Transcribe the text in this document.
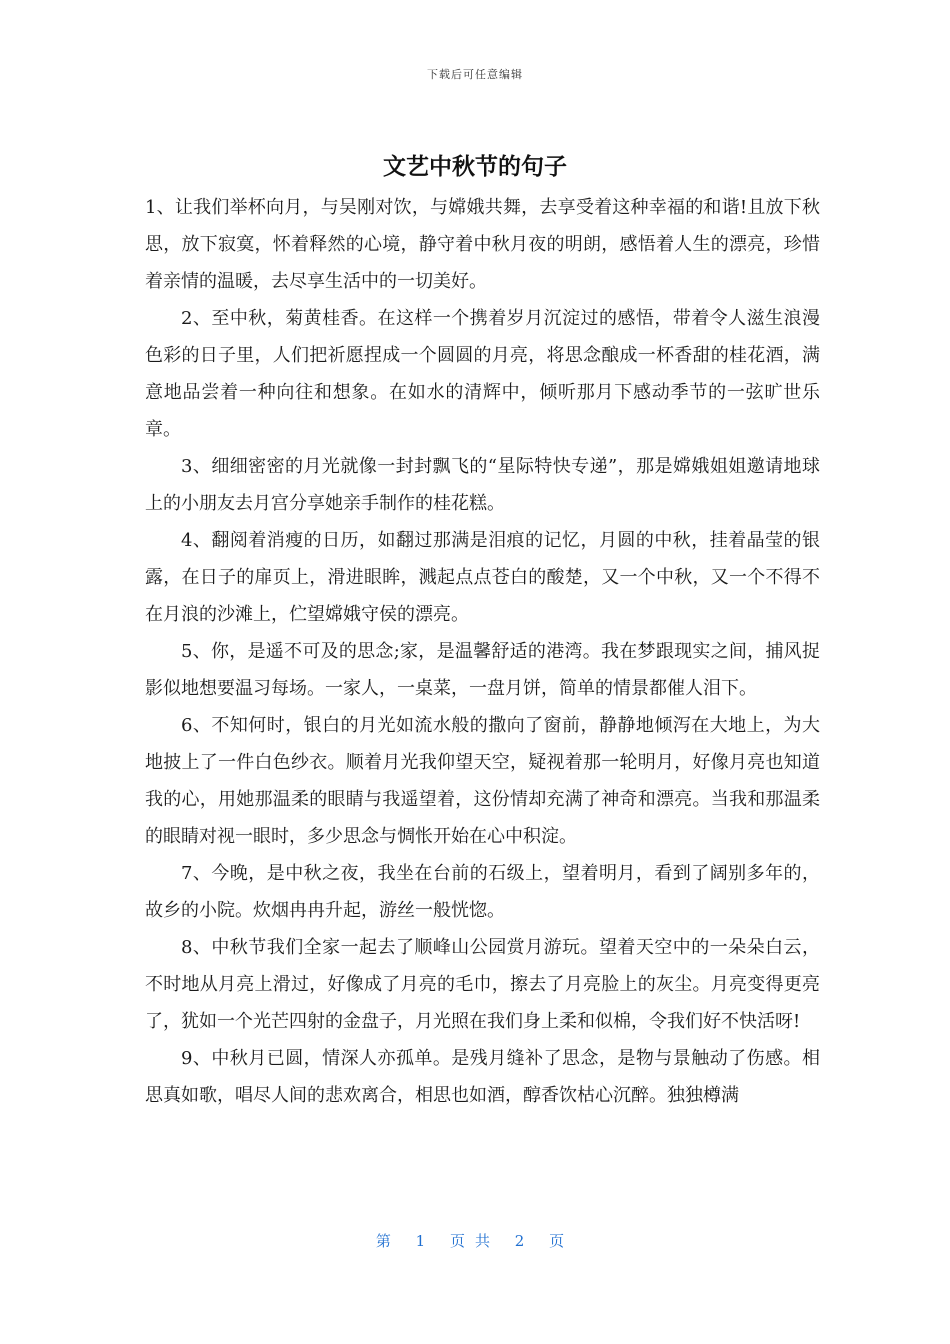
下载后可任意编辑
文艺中秋节的句子

1、让我们举杯向月，与吴刚对饮，与嫦娥共舞，去享受着这种幸福的和谐!且放下秋思，放下寂寞，怀着释然的心境，静守着中秋月夜的明朗，感悟着人生的漂亮，珍惜着亲情的温暖，去尽享生活中的一切美好。

2、至中秋，菊黄桂香。在这样一个携着岁月沉淀过的感悟，带着令人滋生浪漫色彩的日子里，人们把祈愿捏成一个圆圆的月亮，将思念酿成一杯香甜的桂花酒，满意地品尝着一种向往和想象。在如水的清辉中，倾听那月下感动季节的一弦旷世乐章。

3、细细密密的月光就像一封封飘飞的“星际特快专递”，那是嫦娥姐姐邀请地球上的小朋友去月宫分享她亲手制作的桂花糕。

4、翻阅着消瘦的日历，如翻过那满是泪痕的记忆，月圆的中秋，挂着晶莹的银露，在日子的扉页上，滑进眼眸，溅起点点苍白的酸楚，又一个中秋，又一个不得不在月浪的沙滩上，伫望嫦娥守侯的漂亮。

5、你，是遥不可及的思念;家，是温馨舒适的港湾。我在梦跟现实之间，捕风捉影似地想要温习每场。一家人，一桌菜，一盘月饼，简单的情景都催人泪下。

6、不知何时，银白的月光如流水般的撒向了窗前，静静地倾泻在大地上，为大地披上了一件白色纱衣。顺着月光我仰望天空，疑视着那一轮明月，好像月亮也知道我的心，用她那温柔的眼睛与我遥望着，这份情却充满了神奇和漂亮。当我和那温柔的眼睛对视一眼时，多少思念与惆怅开始在心中积淀。

7、今晚，是中秋之夜，我坐在台前的石级上，望着明月，看到了阔别多年的，故乡的小院。炊烟冉冉升起，游丝一般恍惚。

8、中秋节我们全家一起去了顺峰山公园赏月游玩。望着天空中的一朵朵白云，不时地从月亮上滑过，好像成了月亮的毛巾，擦去了月亮脸上的灰尘。月亮变得更亮了，犹如一个光芒四射的金盘子，月光照在我们身上柔和似棉，令我们好不快活呀!

9、中秋月已圆，情深人亦孤单。是残月缝补了思念，是物与景触动了伤感。相思真如歌，唱尽人间的悲欢离合，相思也如酒，醇香饮枯心沉醉。独独樽满

第 1 页共 2 页
